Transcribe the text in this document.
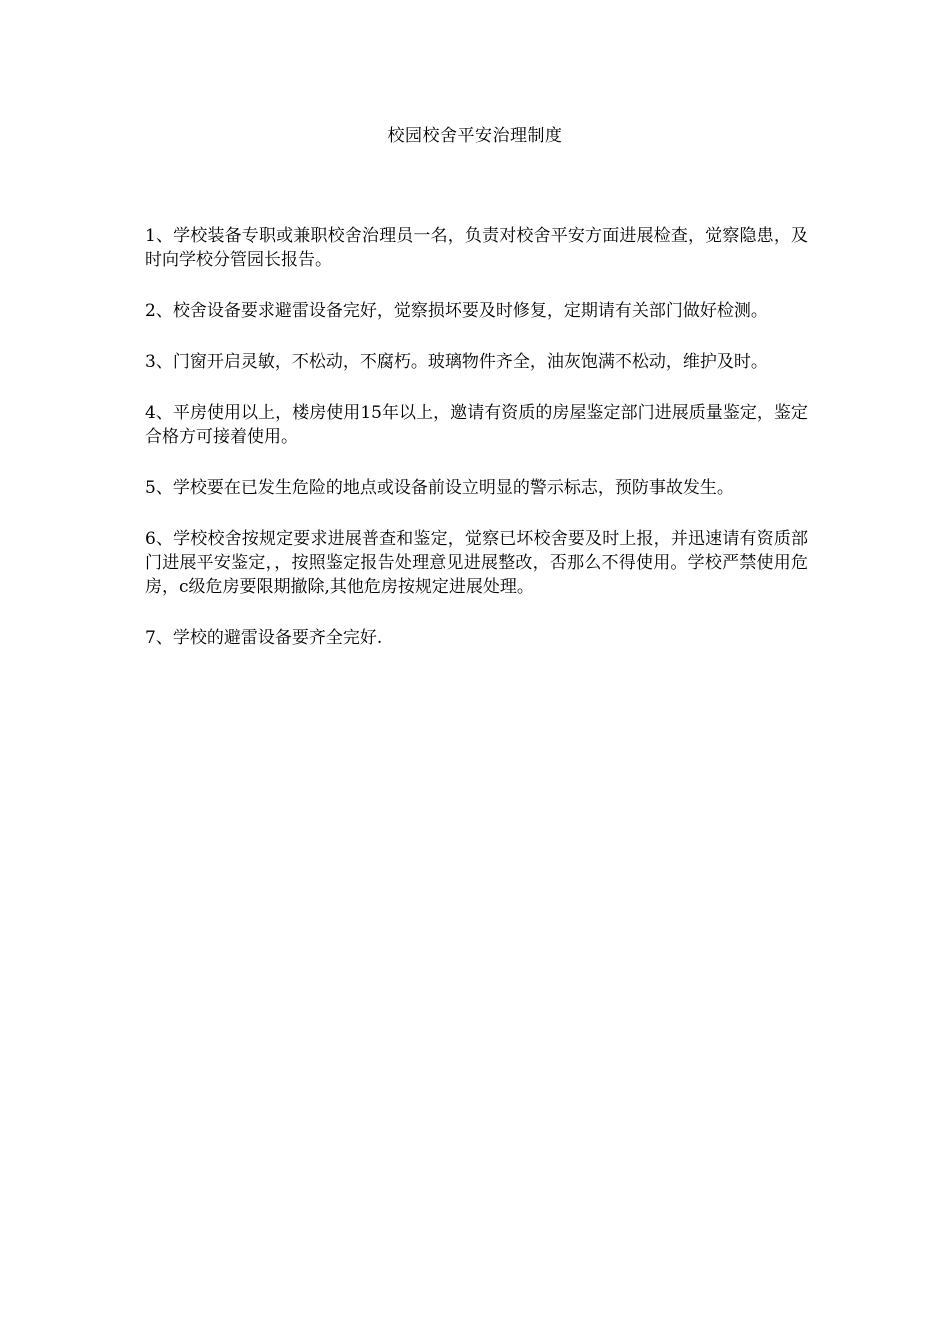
校园校舍平安治理制度

1、学校装备专职或兼职校舍治理员一名，负责对校舍平安方面进展检查，觉察隐患，及时向学校分管园长报告。

2、校舍设备要求避雷设备完好，觉察损坏要及时修复，定期请有关部门做好检测。

3、门窗开启灵敏，不松动，不腐朽。玻璃物件齐全，油灰饱满不松动，维护及时。

4、平房使用以上，楼房使用15年以上，邀请有资质的房屋鉴定部门进展质量鉴定，鉴定合格方可接着使用。

5、学校要在已发生危险的地点或设备前设立明显的警示标志，预防事故发生。

6、学校校舍按规定要求进展普查和鉴定，觉察已坏校舍要及时上报，并迅速请有资质部门进展平安鉴定，，按照鉴定报告处理意见进展整改，否那么不得使用。学校严禁使用危房，c级危房要限期撤除,其他危房按规定进展处理。

7、学校的避雷设备要齐全完好.
